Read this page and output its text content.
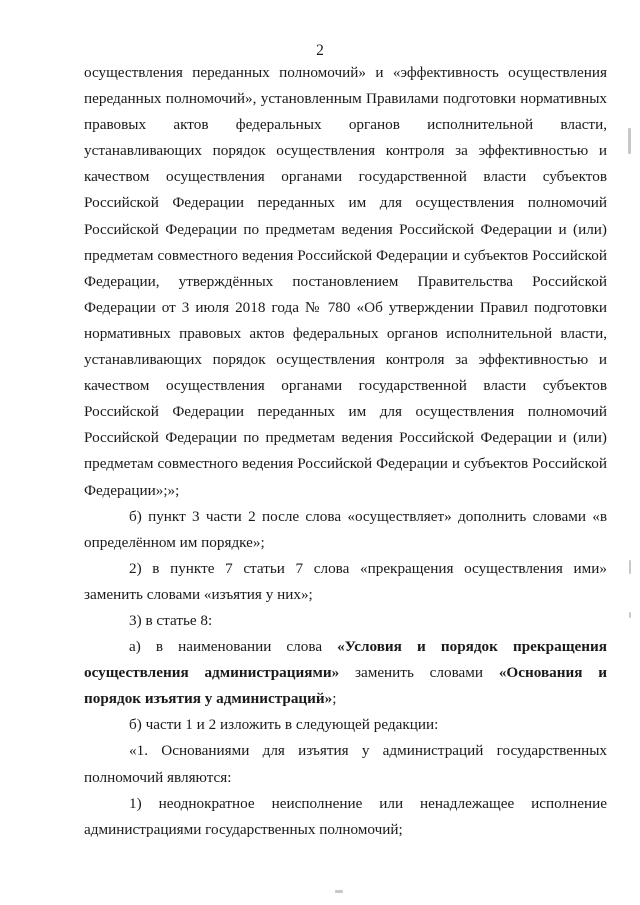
2

осуществления переданных полномочий» и «эффективность осуществления переданных полномочий», установленным Правилами подготовки нормативных правовых актов федеральных органов исполнительной власти, устанавливающих порядок осуществления контроля за эффективностью и качеством осуществления органами государственной власти субъектов Российской Федерации переданных им для осуществления полномочий Российской Федерации по предметам ведения Российской Федерации и (или) предметам совместного ведения Российской Федерации и субъектов Российской Федерации, утверждённых постановлением Правительства Российской Федерации от 3 июля 2018 года № 780 «Об утверждении Правил подготовки нормативных правовых актов федеральных органов исполнительной власти, устанавливающих порядок осуществления контроля за эффективностью и качеством осуществления органами государственной власти субъектов Российской Федерации переданных им для осуществления полномочий Российской Федерации по предметам ведения Российской Федерации и (или) предметам совместного ведения Российской Федерации и субъектов Российской Федерации»;»;

б) пункт 3 части 2 после слова «осуществляет» дополнить словами «в определённом им порядке»;

2) в пункте 7 статьи 7 слова «прекращения осуществления ими» заменить словами «изъятия у них»;

3) в статье 8:

а) в наименовании слова «Условия и порядок прекращения осуществления администрациями» заменить словами «Основания и порядок изъятия у администраций»;

б) части 1 и 2 изложить в следующей редакции:

«1. Основаниями для изъятия у администраций государственных полномочий являются:

1) неоднократное неисполнение или ненадлежащее исполнение администрациями государственных полномочий;
